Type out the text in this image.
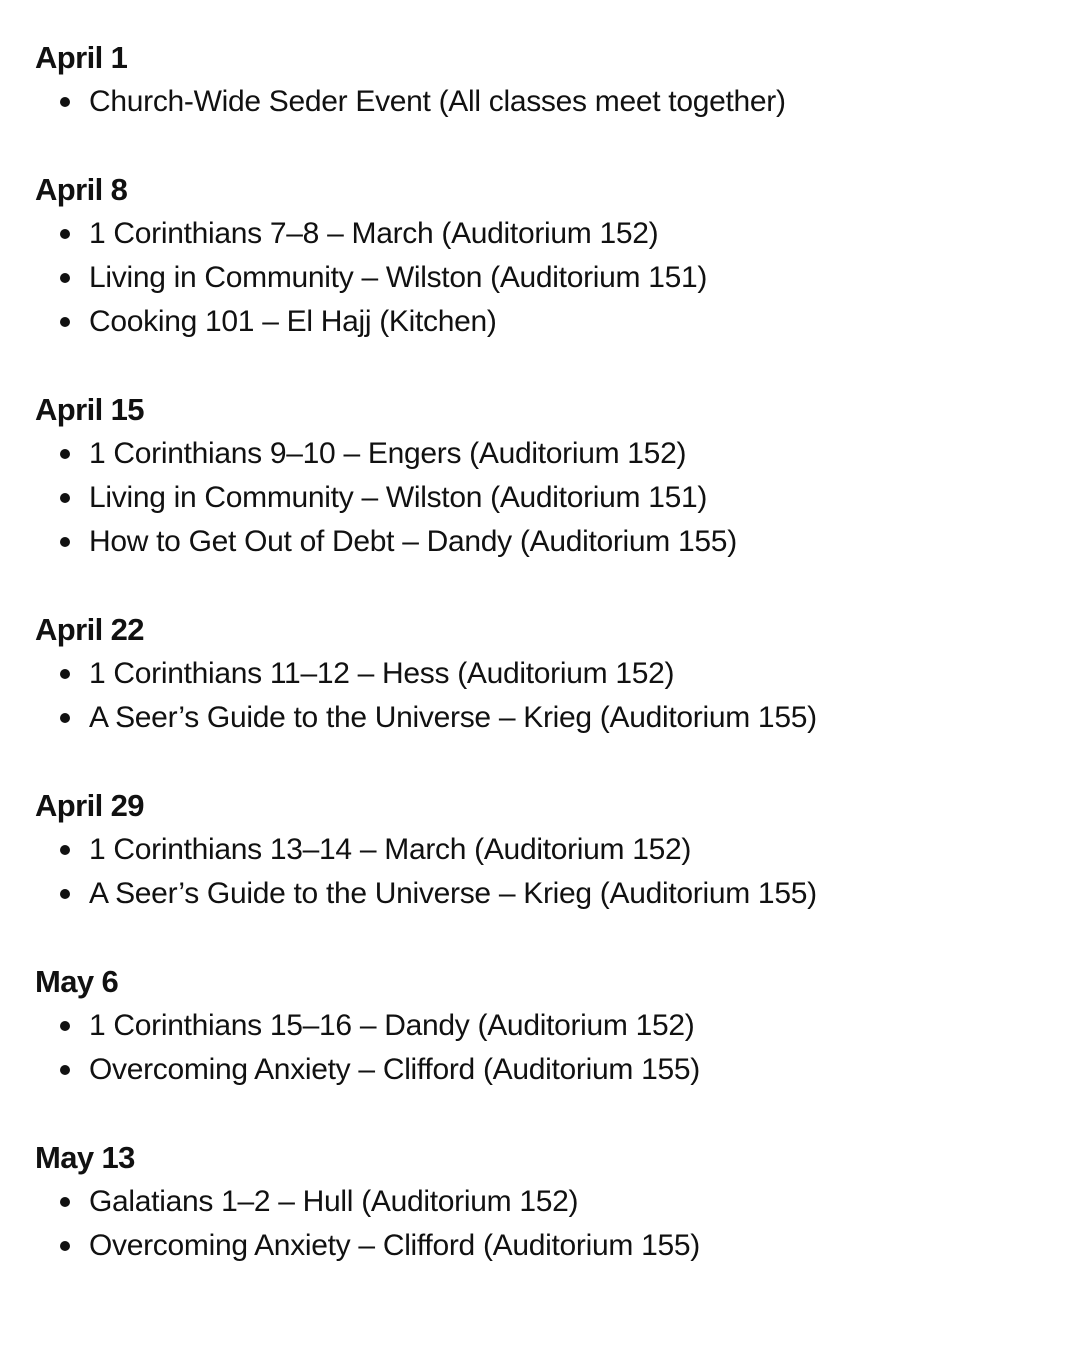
April 1
Church-Wide Seder Event (All classes meet together)
April 8
1 Corinthians 7–8 – March (Auditorium 152)
Living in Community – Wilston (Auditorium 151)
Cooking 101 – El Hajj (Kitchen)
April 15
1 Corinthians 9–10 – Engers (Auditorium 152)
Living in Community – Wilston (Auditorium 151)
How to Get Out of Debt – Dandy (Auditorium 155)
April 22
1 Corinthians 11–12 – Hess (Auditorium 152)
A Seer’s Guide to the Universe – Krieg (Auditorium 155)
April 29
1 Corinthians 13–14 – March (Auditorium 152)
A Seer’s Guide to the Universe – Krieg (Auditorium 155)
May 6
1 Corinthians 15–16 – Dandy (Auditorium 152)
Overcoming Anxiety – Clifford (Auditorium 155)
May 13
Galatians 1–2 – Hull (Auditorium 152)
Overcoming Anxiety – Clifford (Auditorium 155)
